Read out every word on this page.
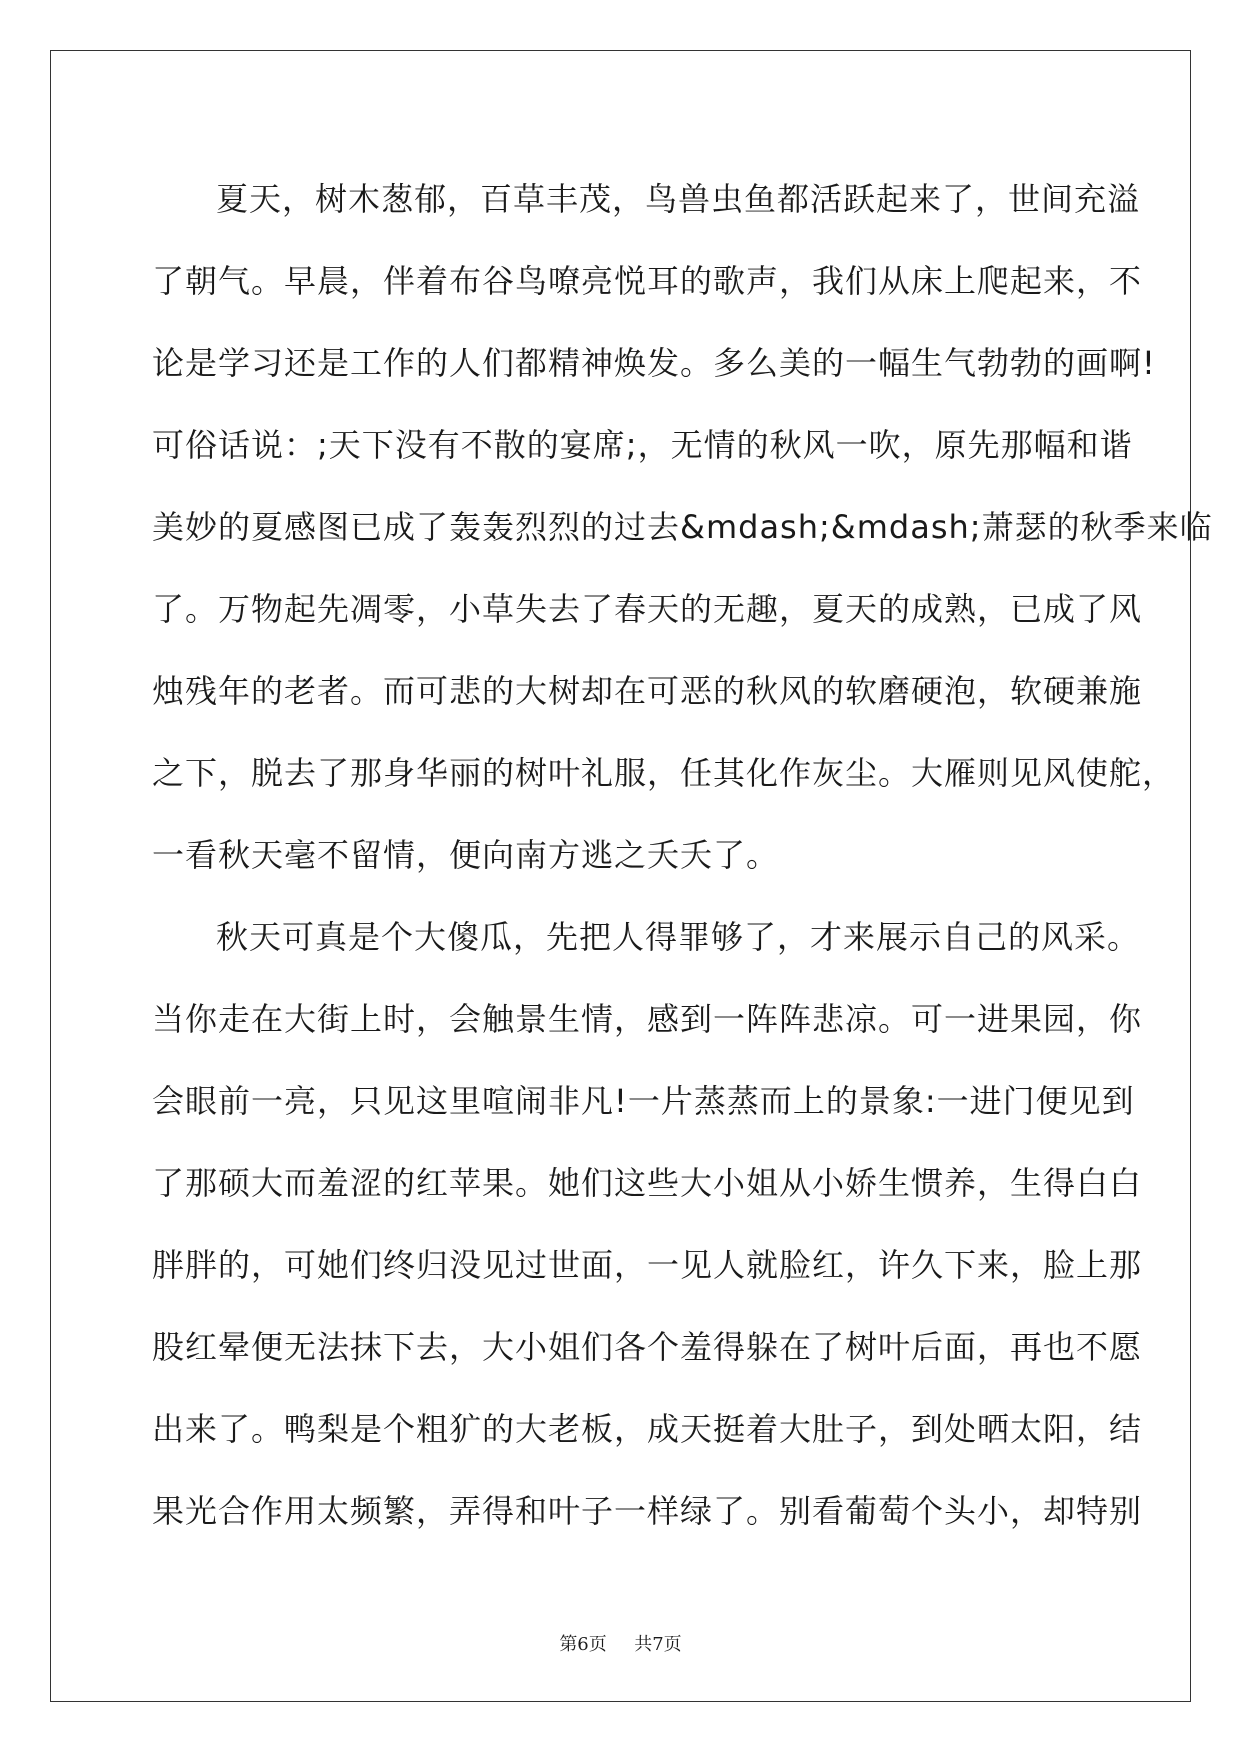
夏天，树木葱郁，百草丰茂，鸟兽虫鱼都活跃起来了，世间充溢
了朝气。早晨，伴着布谷鸟嘹亮悦耳的歌声，我们从床上爬起来，不
论是学习还是工作的人们都精神焕发。多么美的一幅生气勃勃的画啊!
可俗话说：;天下没有不散的宴席;，无情的秋风一吹，原先那幅和谐
美妙的夏感图已成了轰轰烈烈的过去&mdash;&mdash;萧瑟的秋季来临
了。万物起先凋零，小草失去了春天的无趣，夏天的成熟，已成了风
烛残年的老者。而可悲的大树却在可恶的秋风的软磨硬泡，软硬兼施
之下，脱去了那身华丽的树叶礼服，任其化作灰尘。大雁则见风使舵，
一看秋天毫不留情，便向南方逃之夭夭了。
秋天可真是个大傻瓜，先把人得罪够了，才来展示自己的风采。
当你走在大街上时，会触景生情，感到一阵阵悲凉。可一进果园，你
会眼前一亮，只见这里喧闹非凡!一片蒸蒸而上的景象:一进门便见到
了那硕大而羞涩的红苹果。她们这些大小姐从小娇生惯养，生得白白
胖胖的，可她们终归没见过世面，一见人就脸红，许久下来，脸上那
股红晕便无法抹下去，大小姐们各个羞得躲在了树叶后面，再也不愿
出来了。鸭梨是个粗犷的大老板，成天挺着大肚子，到处晒太阳，结
果光合作用太频繁，弄得和叶子一样绿了。别看葡萄个头小，却特别
第6页 共7页
